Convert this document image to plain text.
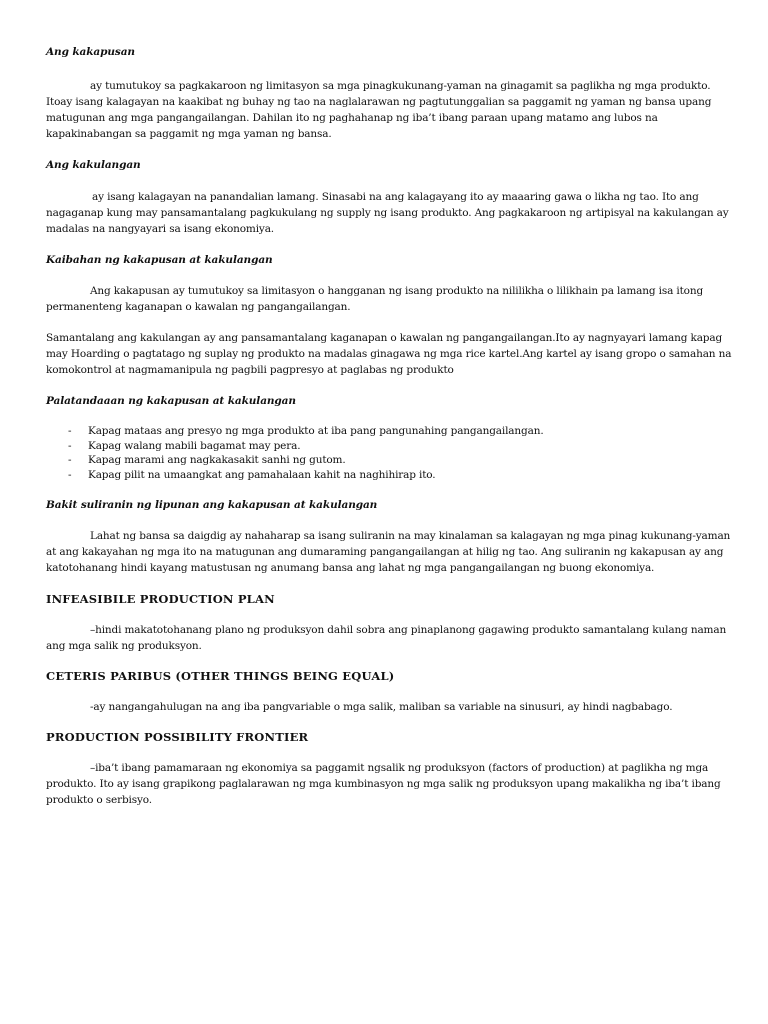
Ang kakapusan
ay tumutukoy sa pagkakaroon ng limitasyon sa mga pinagkukunang-yaman na ginagamit sa paglikha ng mga produkto. Itoay isang kalagayan na kaakibat ng buhay ng tao na naglalarawan ng pagtutunggalian sa paggamit ng yaman ng bansa upang matugunan ang mga pangangailangan. Dahilan ito ng paghahanap ng iba’t ibang paraan upang matamo ang lubos na kapakinabangan sa paggamit ng mga yaman ng bansa.
Ang kakulangan
ay isang kalagayan na panandalian lamang. Sinasabi na ang kalagayang ito ay maaaring gawa o likha ng tao. Ito ang nagaganap kung may pansamantalang pagkukulang ng supply ng isang produkto. Ang pagkakaroon ng artipisyal na kakulangan ay madalas na nangyayari sa isang ekonomiya.
Kaibahan ng kakapusan at kakulangan
Ang kakapusan ay tumutukoy sa limitasyon o hangganan ng isang produkto na nililikha o lilikhain pa lamang isa itong permanenteng kaganapan o kawalan ng pangangailangan.
Samantalang ang kakulangan ay ang pansamantalang kaganapan o kawalan ng pangangailangan.Ito ay nagnyayari lamang kapag may Hoarding o pagtatago ng suplay ng produkto na madalas ginagawa ng mga rice kartel.Ang kartel ay isang gropo o samahan na komokontrol at nagmamanipula ng pagbili pagpresyo at paglabas ng produkto
Palatandaaan ng kakapusan at kakulangan
- Kapag mataas ang presyo ng mga produkto at iba pang pangunahing pangangailangan.
- Kapag walang mabili bagamat may pera.
- Kapag marami ang nagkakasakit sanhi ng gutom.
- Kapag pilit na umaangkat ang pamahalaan kahit na naghihirap ito.
Bakit suliranin ng lipunan ang kakapusan at kakulangan
Lahat ng bansa sa daigdig ay nahaharap sa isang suliranin na may kinalaman sa kalagayan ng mga pinag kukunang-yaman at ang kakayahan ng mga ito na matugunan ang dumaraming pangangailangan at hilig ng tao. Ang suliranin ng kakapusan ay ang katotohanang hindi kayang matustusan ng anumang bansa ang lahat ng mga pangangailangan ng buong ekonomiya.
INFEASIBILE PRODUCTION PLAN
–hindi makatotohanang plano ng produksyon dahil sobra ang pinaplanong gagawing produkto samantalang kulang naman ang mga salik ng produksyon.
CETERIS PARIBUS (OTHER THINGS BEING EQUAL)
-ay nangangahulugan na ang iba pangvariable o mga salik, maliban sa variable na sinusuri, ay hindi nagbabago.
PRODUCTION POSSIBILITY FRONTIER
–iba’t ibang pamamaraan ng ekonomiya sa paggamit ngsalik ng produksyon (factors of production) at paglikha ng mga produkto. Ito ay isang grapikong paglalarawan ng mga kumbinasyon ng mga salik ng produksyon upang makalikha ng iba’t ibang produkto o serbisyo.
